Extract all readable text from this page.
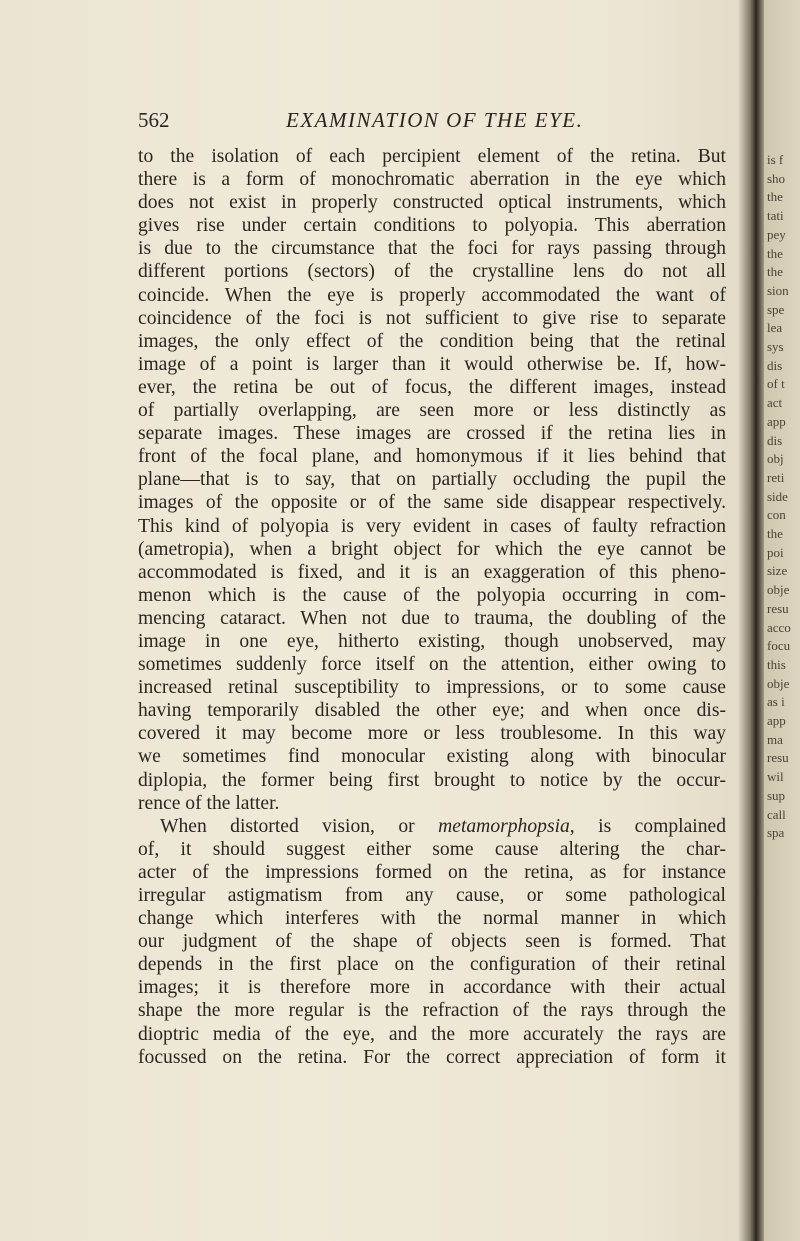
562	EXAMINATION OF THE EYE.
to the isolation of each percipient element of the retina. But
there is a form of monochromatic aberration in the eye which
does not exist in properly constructed optical instruments, which
gives rise under certain conditions to polyopia. This aberration
is due to the circumstance that the foci for rays passing through
different portions (sectors) of the crystalline lens do not all
coincide. When the eye is properly accommodated the want of
coincidence of the foci is not sufficient to give rise to separate
images, the only effect of the condition being that the retinal
image of a point is larger than it would otherwise be. If, how-
ever, the retina be out of focus, the different images, instead
of partially overlapping, are seen more or less distinctly as
separate images. These images are crossed if the retina lies in
front of the focal plane, and homonymous if it lies behind that
plane—that is to say, that on partially occluding the pupil the
images of the opposite or of the same side disappear respectively.
This kind of polyopia is very evident in cases of faulty refraction
(ametropia), when a bright object for which the eye cannot be
accommodated is fixed, and it is an exaggeration of this pheno-
menon which is the cause of the polyopia occurring in com-
mencing cataract. When not due to trauma, the doubling of the
image in one eye, hitherto existing, though unobserved, may
sometimes suddenly force itself on the attention, either owing to
increased retinal susceptibility to impressions, or to some cause
having temporarily disabled the other eye; and when once dis-
covered it may become more or less troublesome. In this way
we sometimes find monocular existing along with binocular
diplopia, the former being first brought to notice by the occur-
rence of the latter.
When distorted vision, or metamorphopsia, is complained
of, it should suggest either some cause altering the char-
acter of the impressions formed on the retina, as for instance
irregular astigmatism from any cause, or some pathological
change which interferes with the normal manner in which
our judgment of the shape of objects seen is formed. That
depends in the first place on the configuration of their retinal
images; it is therefore more in accordance with their actual
shape the more regular is the refraction of the rays through the
dioptric media of the eye, and the more accurately the rays are
focussed on the retina. For the correct appreciation of form it
is f
sho
the
tati
pey
the
the
sion
spe
lea
sys
dis
of t
act
app
dis
obj
reti
side
con
the
poi
size
obje
resu
acco
focu
this
obje
as i
app
ma
resu
wil
sup
call
spa
